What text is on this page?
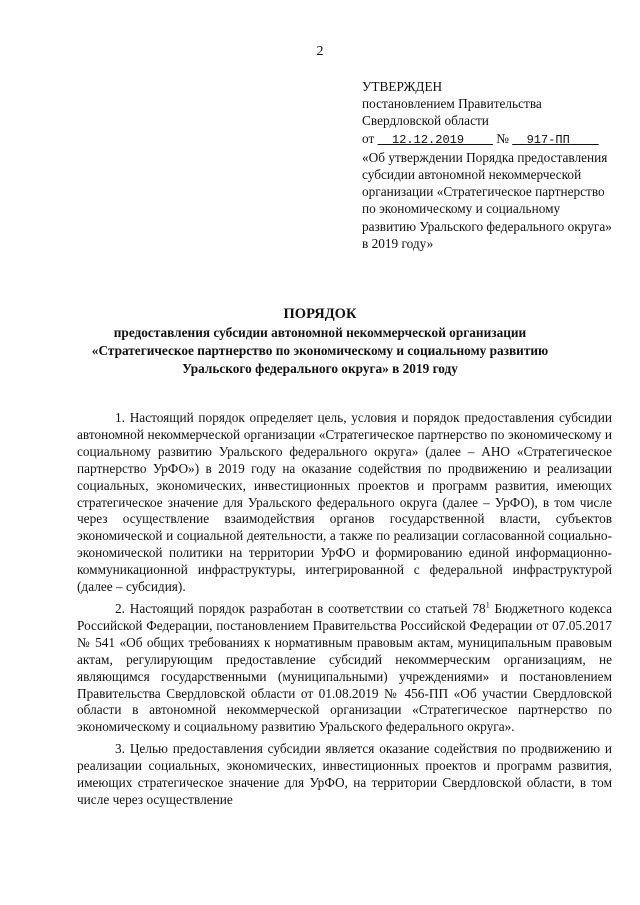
2
УТВЕРЖДЕН
постановлением Правительства
Свердловской области
от 12.12.2019 № 917-ПП
«Об утверждении Порядка предоставления субсидии автономной некоммерческой организации «Стратегическое партнерство по экономическому и социальному развитию Уральского федерального округа» в 2019 году»
ПОРЯДОК
предоставления субсидии автономной некоммерческой организации
«Стратегическое партнерство по экономическому и социальному развитию
Уральского федерального округа» в 2019 году

1. Настоящий порядок определяет цель, условия и порядок предоставления субсидии автономной некоммерческой организации «Стратегическое партнерство по экономическому и социальному развитию Уральского федерального округа» (далее – АНО «Стратегическое партнерство УрФО») в 2019 году на оказание содействия по продвижению и реализации социальных, экономических, инвестиционных проектов и программ развития, имеющих стратегическое значение для Уральского федерального округа (далее – УрФО), в том числе через осуществление взаимодействия органов государственной власти, субъектов экономической и социальной деятельности, а также по реализации согласованной социально-экономической политики на территории УрФО и формированию единой информационно-коммуникационной инфраструктуры, интегрированной с федеральной инфраструктурой (далее – субсидия).

2. Настоящий порядок разработан в соответствии со статьей $78^1$ Бюджетного кодекса Российской Федерации, постановлением Правительства Российской Федерации от 07.05.2017 № 541 «Об общих требованиях к нормативным правовым актам, муниципальным правовым актам, регулирующим предоставление субсидий некоммерческим организациям, не являющимся государственными (муниципальными) учреждениями» и постановлением Правительства Свердловской области от 01.08.2019 № 456-ПП «Об участии Свердловской области в автономной некоммерческой организации «Стратегическое партнерство по экономическому и социальному развитию Уральского федерального округа».

3. Целью предоставления субсидии является оказание содействия по продвижению и реализации социальных, экономических, инвестиционных проектов и программ развития, имеющих стратегическое значение для УрФО, на территории Свердловской области, в том числе через осуществление
